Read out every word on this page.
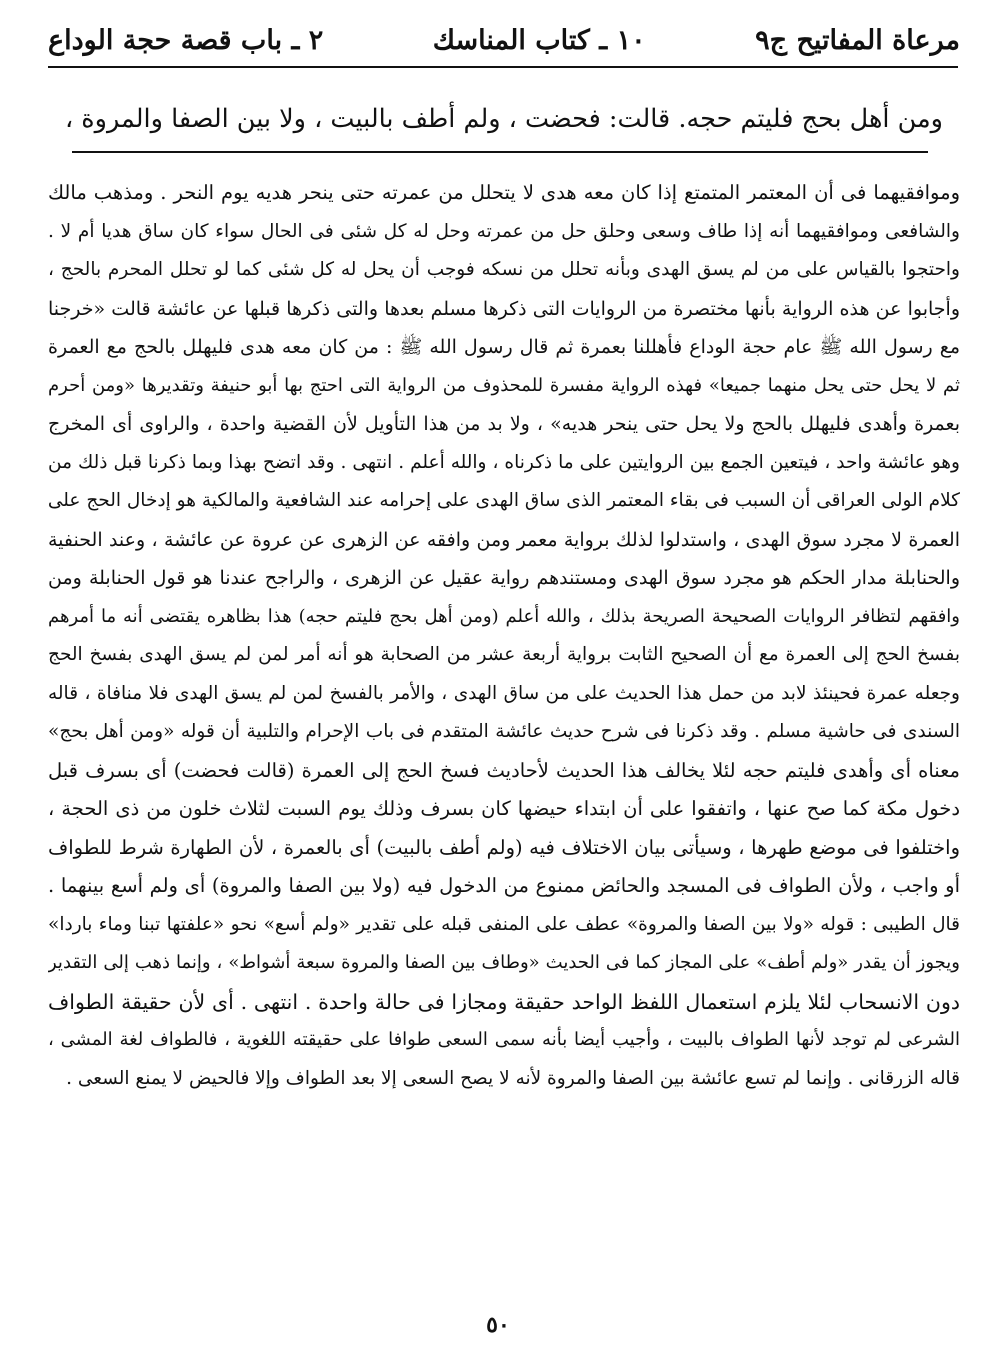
مرعاة المفاتيح ج٩
١٠ ـ كتاب المناسك
٢ ـ باب قصة حجة الوداع
ومن أهل بحج فليتم حجه. قالت: فحضت ، ولم أطف بالبيت ، ولا بين الصفا والمروة ،
وموافقيهما فى أن المعتمر المتمتع إذا كان معه هدى لا يتحلل من عمرته حتى ينحر هديه يوم النحر . ومذهب مالك
والشافعى وموافقيهما أنه إذا طاف وسعى وحلق حل من عمرته وحل له كل شئى فى الحال سواء كان ساق هديا أم لا .
واحتجوا بالقياس على من لم يسق الهدى وبأنه تحلل من نسكه فوجب أن يحل له كل شئى كما لو تحلل المحرم بالحج ،
وأجابوا عن هذه الرواية بأنها مختصرة من الروايات التى ذكرها مسلم بعدها والتى ذكرها قبلها عن عائشة قالت «خرجنا
مع رسول الله ﷺ عام حجة الوداع فأهللنا بعمرة ثم قال رسول الله ﷺ : من كان معه هدى فليهلل بالحج مع العمرة
ثم لا يحل حتى يحل منهما جميعا» فهذه الرواية مفسرة للمحذوف من الرواية التى احتج بها أبو حنيفة وتقديرها «ومن أحرم
بعمرة وأهدى فليهلل بالحج ولا يحل حتى ينحر هديه» ، ولا بد من هذا التأويل لأن القضية واحدة ، والراوى أى المخرج
وهو عائشة واحد ، فيتعين الجمع بين الروايتين على ما ذكرناه ، والله أعلم . انتهى . وقد اتضح بهذا وبما ذكرنا قبل ذلك من
كلام الولى العراقى أن السبب فى بقاء المعتمر الذى ساق الهدى على إحرامه عند الشافعية والمالكية هو إدخال الحج على
العمرة لا مجرد سوق الهدى ، واستدلوا لذلك برواية معمر ومن وافقه عن الزهرى عن عروة عن عائشة ، وعند الحنفية
والحنابلة مدار الحكم هو مجرد سوق الهدى ومستندهم رواية عقيل عن الزهرى ، والراجح عندنا هو قول الحنابلة ومن
وافقهم لتظافر الروايات الصحيحة الصريحة بذلك ، والله أعلم (ومن أهل بحج فليتم حجه) هذا بظاهره يقتضى أنه ما أمرهم
بفسخ الحج إلى العمرة مع أن الصحيح الثابت برواية أربعة عشر من الصحابة هو أنه أمر لمن لم يسق الهدى بفسخ الحج
وجعله عمرة فحينئذ لابد من حمل هذا الحديث على من ساق الهدى ، والأمر بالفسخ لمن لم يسق الهدى فلا منافاة ، قاله
السندى فى حاشية مسلم . وقد ذكرنا فى شرح حديث عائشة المتقدم فى باب الإحرام والتلبية أن قوله «ومن أهل بحج»
معناه أى وأهدى فليتم حجه لئلا يخالف هذا الحديث لأحاديث فسخ الحج إلى العمرة (قالت فحضت) أى بسرف قبل
دخول مكة كما صح عنها ، واتفقوا على أن ابتداء حيضها كان بسرف وذلك يوم السبت لثلاث خلون من ذى الحجة ،
واختلفوا فى موضع طهرها ، وسيأتى بيان الاختلاف فيه (ولم أطف بالبيت) أى بالعمرة ، لأن الطهارة شرط للطواف
أو واجب ، ولأن الطواف فى المسجد والحائض ممنوع من الدخول فيه (ولا بين الصفا والمروة) أى ولم أسع بينهما .
قال الطيبى : قوله «ولا بين الصفا والمروة» عطف على المنفى قبله على تقدير «ولم أسع» نحو «علفتها تبنا وماء باردا»
ويجوز أن يقدر «ولم أطف» على المجاز كما فى الحديث «وطاف بين الصفا والمروة سبعة أشواط» ، وإنما ذهب إلى التقدير
دون الانسحاب لئلا يلزم استعمال اللفظ الواحد حقيقة ومجازا فى حالة واحدة . انتهى . أى لأن حقيقة الطواف
الشرعى لم توجد لأنها الطواف بالبيت ، وأجيب أيضا بأنه سمى السعى طوافا على حقيقته اللغوية ، فالطواف لغة المشى ،
قاله الزرقانى . وإنما لم تسع عائشة بين الصفا والمروة لأنه لا يصح السعى إلا بعد الطواف وإلا فالحيض لا يمنع السعى .
٥٠
